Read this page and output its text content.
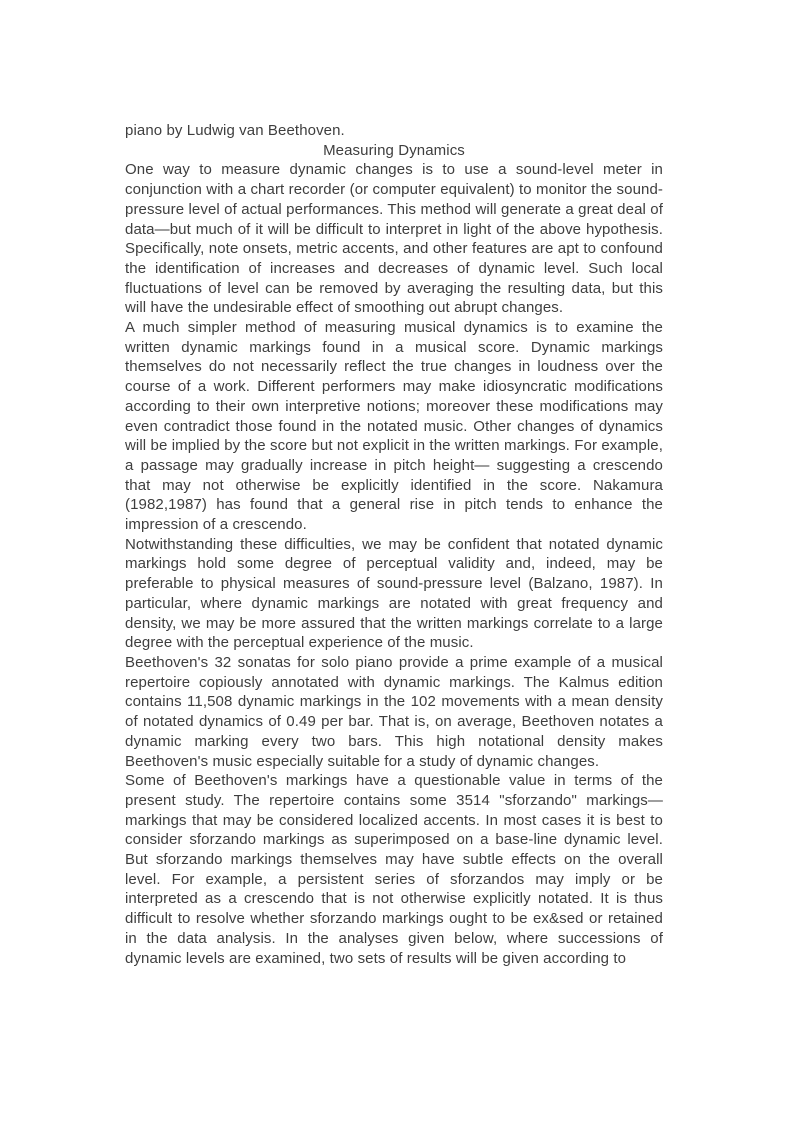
piano by Ludwig van Beethoven.

Measuring Dynamics

One way to measure dynamic changes is to use a sound-level meter in conjunction with a chart recorder (or computer equivalent) to monitor the sound-pressure level of actual performances. This method will generate a great deal of data—but much of it will be difficult to interpret in light of the above hypothesis. Specifically, note onsets, metric accents, and other features are apt to confound the identification of increases and decreases of dynamic level. Such local fluctuations of level can be removed by averaging the resulting data, but this will have the undesirable effect of smoothing out abrupt changes.

A much simpler method of measuring musical dynamics is to examine the written dynamic markings found in a musical score. Dynamic markings themselves do not necessarily reflect the true changes in loudness over the course of a work. Different performers may make idiosyncratic modifications according to their own interpretive notions; moreover these modifications may even contradict those found in the notated music. Other changes of dynamics will be implied by the score but not explicit in the written markings. For example, a passage may gradually increase in pitch height— suggesting a crescendo that may not otherwise be explicitly identified in the score. Nakamura (1982,1987) has found that a general rise in pitch tends to enhance the impression of a crescendo.

Notwithstanding these difficulties, we may be confident that notated dynamic markings hold some degree of perceptual validity and, indeed, may be preferable to physical measures of sound-pressure level (Balzano, 1987). In particular, where dynamic markings are notated with great frequency and density, we may be more assured that the written markings correlate to a large degree with the perceptual experience of the music.

Beethoven's 32 sonatas for solo piano provide a prime example of a musical repertoire copiously annotated with dynamic markings. The Kalmus edition contains 11,508 dynamic markings in the 102 movements with a mean density of notated dynamics of 0.49 per bar. That is, on average, Beethoven notates a dynamic marking every two bars. This high notational density makes Beethoven's music especially suitable for a study of dynamic changes.

Some of Beethoven's markings have a questionable value in terms of the present study. The repertoire contains some 3514 "sforzando" markings— markings that may be considered localized accents. In most cases it is best to consider sforzando markings as superimposed on a base-line dynamic level. But sforzando markings themselves may have subtle effects on the overall level. For example, a persistent series of sforzandos may imply or be interpreted as a crescendo that is not otherwise explicitly notated. It is thus difficult to resolve whether sforzando markings ought to be ex&sed or retained in the data analysis. In the analyses given below, where successions of dynamic levels are examined, two sets of results will be given according to
